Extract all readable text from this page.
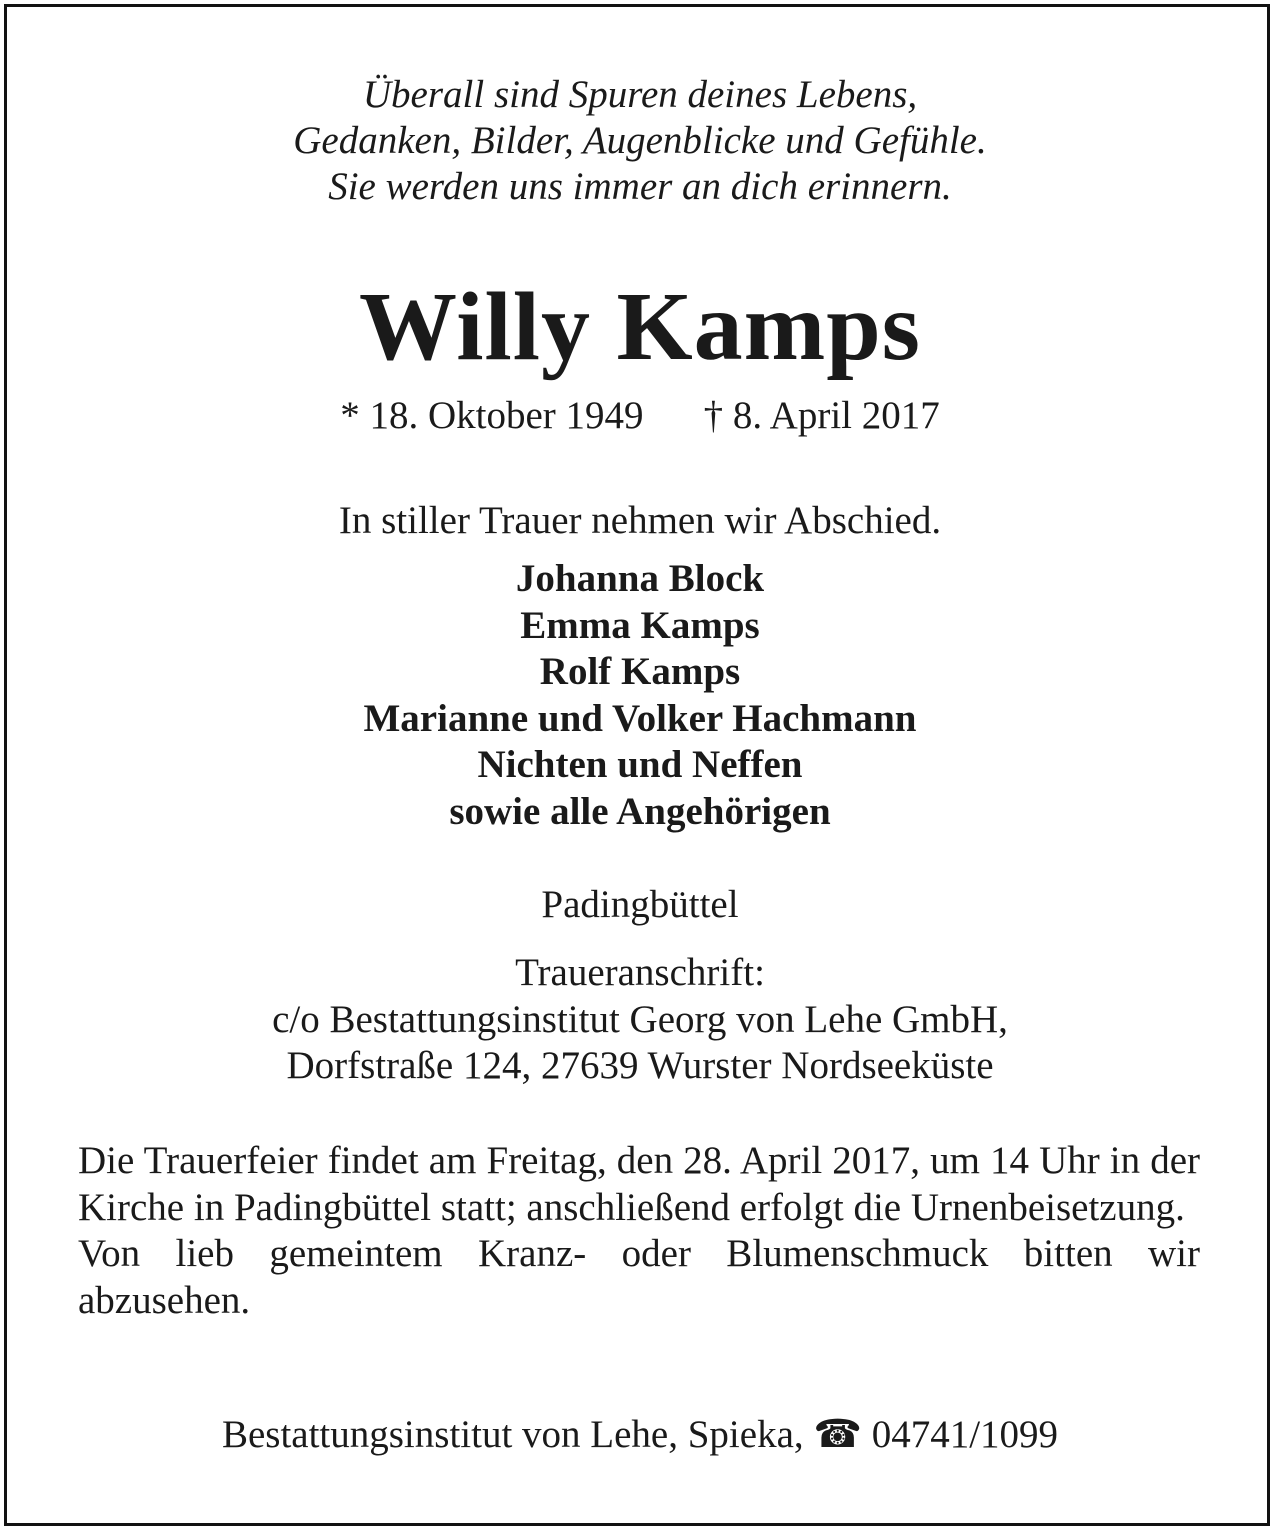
Überall sind Spuren deines Lebens,
Gedanken, Bilder, Augenblicke und Gefühle.
Sie werden uns immer an dich erinnern.
Willy Kamps
* 18. Oktober 1949 † 8. April 2017
In stiller Trauer nehmen wir Abschied.
Johanna Block
Emma Kamps
Rolf Kamps
Marianne und Volker Hachmann
Nichten und Neffen
sowie alle Angehörigen
Padingbüttel
Traueranschrift:
c/o Bestattungsinstitut Georg von Lehe GmbH,
Dorfstraße 124, 27639 Wurster Nordseeküste

Die Trauerfeier findet am Freitag, den 28. April 2017, um 14 Uhr in der Kirche in Padingbüttel statt; anschließend erfolgt die Urnenbeisetzung.

Von lieb gemeintem Kranz- oder Blumenschmuck bitten wir abzusehen.

Bestattungsinstitut von Lehe, Spieka, ☎ 04741/1099
